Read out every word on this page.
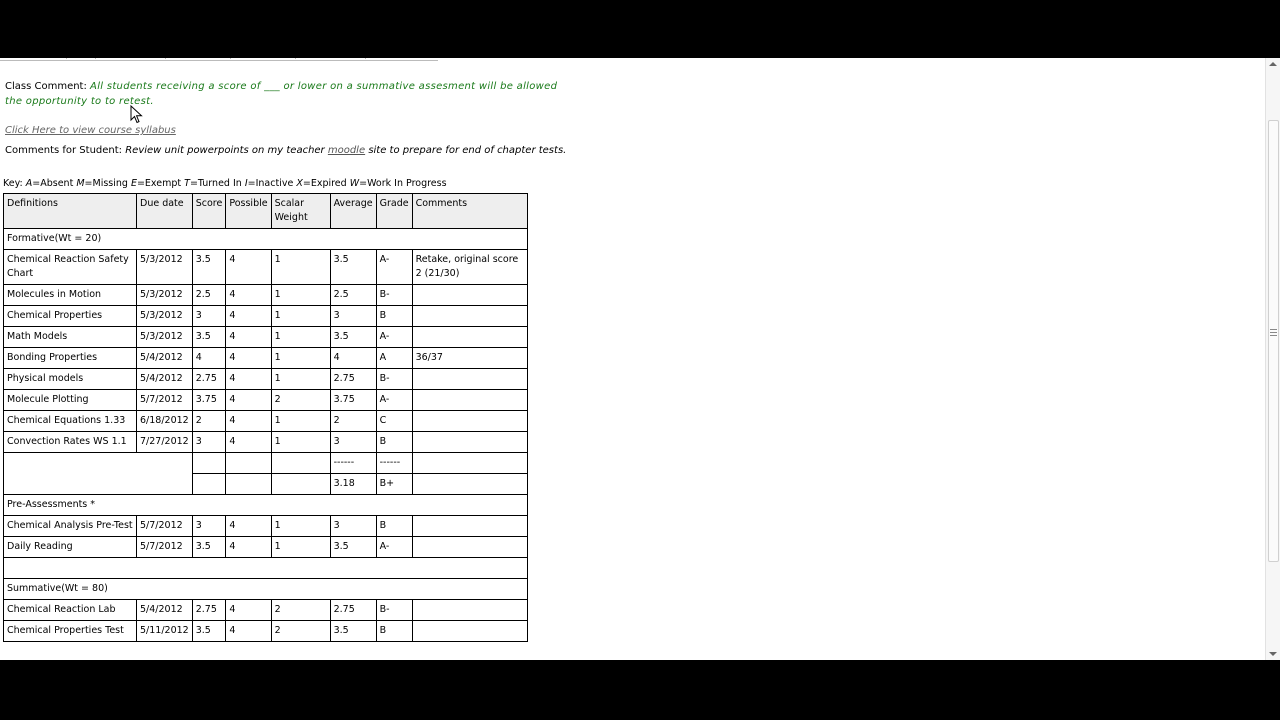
Class Comment: All students receiving a score of ___ or lower on a summative assesment will be allowed the opportunity to to retest.
Click Here to view course syllabus
Comments for Student: Review unit powerpoints on my teacher moodle site to prepare for end of chapter tests.
Key: A=Absent M=Missing E=Exempt T=Turned In I=Inactive X=Expired W=Work In Progress
Definitions	Due date	Score	Possible	Scalar Weight	Average	Grade	Comments
Formative(Wt = 20)							
Chemical Reaction Safety Chart	5/3/2012	3.5	4	1	3.5	A-	Retake, original score 2 (21/30)
Molecules in Motion	5/3/2012	2.5	4	1	2.5	B-	
Chemical Properties	5/3/2012	3	4	1	3	B	
Math Models	5/3/2012	3.5	4	1	3.5	A-	
Bonding Properties	5/4/2012	4	4	1	4	A	36/37
Physical models	5/4/2012	2.75	4	1	2.75	B-	
Molecule Plotting	5/7/2012	3.75	4	2	3.75	A-	
Chemical Equations 1.33	6/18/2012	2	4	1	2	C	
Convection Rates WS 1.1	7/27/2012	3	4	1	3	B	
					------	------	
					3.18	B+	
Pre-Assessments *							
Chemical Analysis Pre-Test	5/7/2012	3	4	1	3	B	
Daily Reading	5/7/2012	3.5	4	1	3.5	A-	

Summative(Wt = 80)							
Chemical Reaction Lab	5/4/2012	2.75	4	2	2.75	B-	
Chemical Properties Test	5/11/2012	3.5	4	2	3.5	B	
